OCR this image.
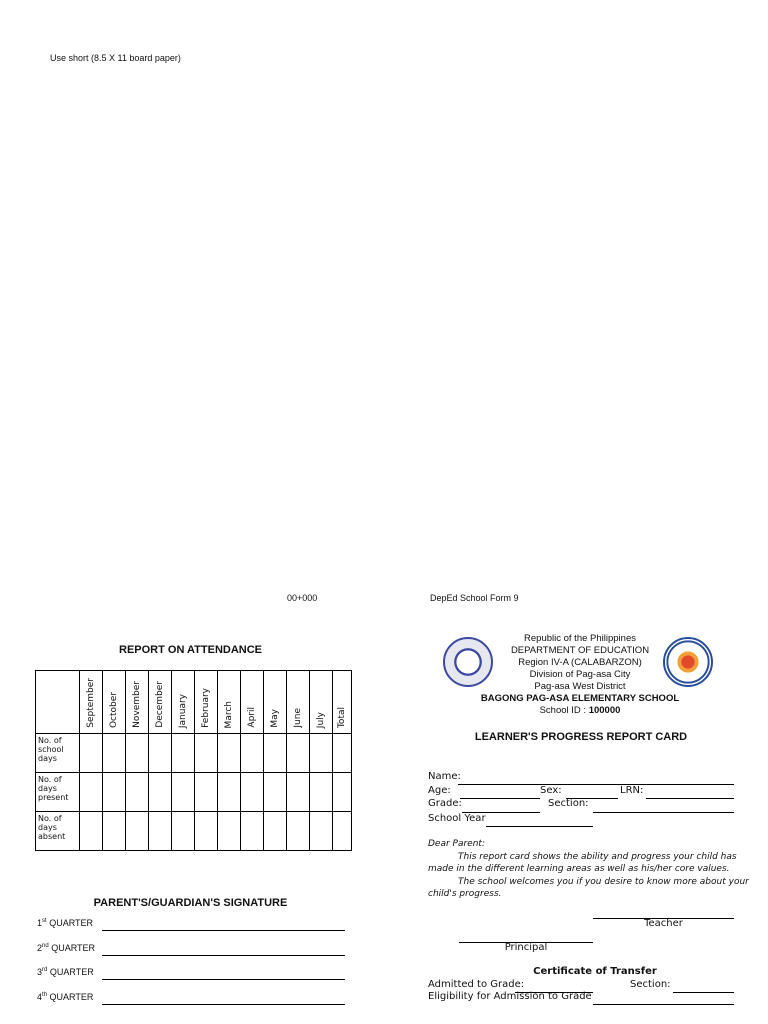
Use short (8.5 X 11 board paper)
00+000	DepEd School Form 9
REPORT ON ATTENDANCE
	September	October	November	December	January	February	March	April	May	June	July	Total
No. of school days												
No. of days present												
No. of days absent												
PARENT'S/GUARDIAN'S SIGNATURE
1st QUARTER
2nd QUARTER
3rd QUARTER
4th QUARTER
Republic of the Philippines
DEPARTMENT OF EDUCATION
Region IV-A (CALABARZON)
Division of Pag-asa City
Pag-asa West District
BAGONG PAG-ASA ELEMENTARY SCHOOL
School ID : 100000
LEARNER'S PROGRESS REPORT CARD
Name:
Age:	Sex:	LRN:
Grade:	Section:
School Year
Dear Parent:
This report card shows the ability and progress your child has made in the different learning areas as well as his/her core values.
The school welcomes you if you desire to know more about your child's progress.
Teacher
Principal
Certificate of Transfer
Admitted to Grade:	Section:
Eligibility for Admission to Grade
